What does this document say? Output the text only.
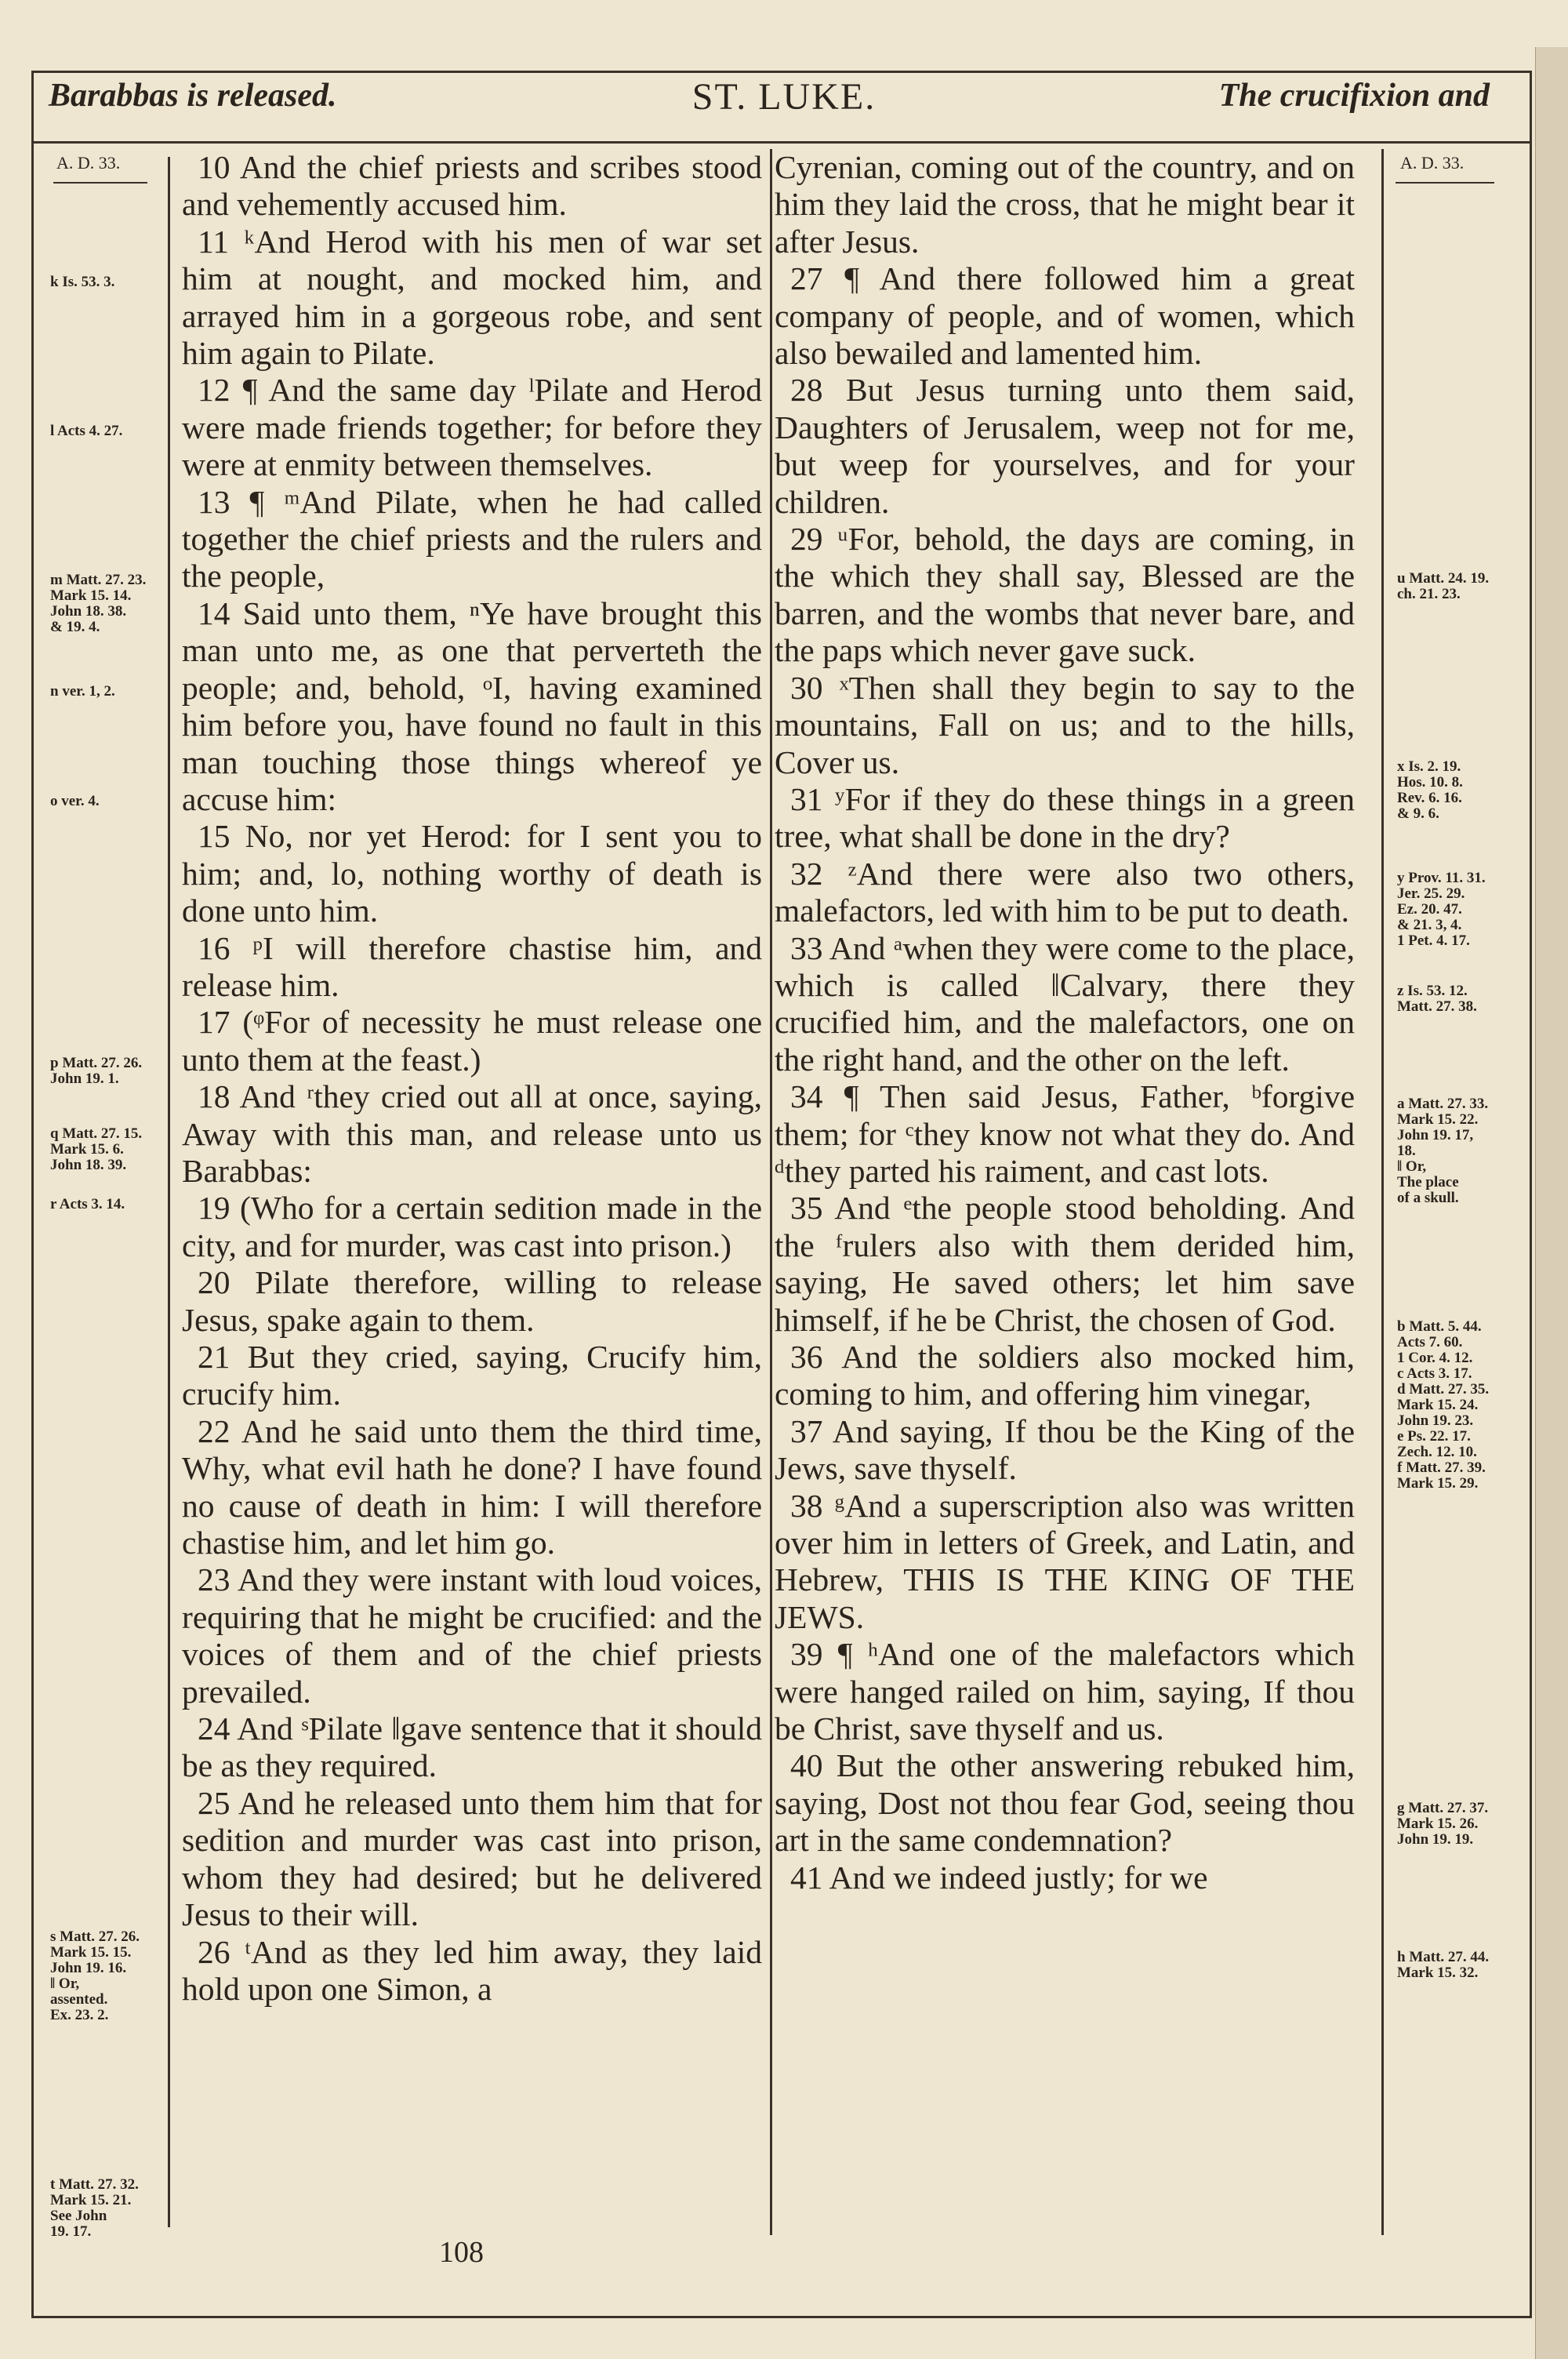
Barabbas is released.	ST. LUKE.	The crucifixion and
A. D. 33.	A. D. 33.

10 And the chief priests and scribes stood and vehemently accused him.

11 ᵏAnd Herod with his men of war set him at nought, and mocked him, and arrayed him in a gorgeous robe, and sent him again to Pilate.

12 ¶ And the same day ˡPilate and Herod were made friends together; for before they were at enmity between themselves.

13 ¶ ᵐAnd Pilate, when he had called together the chief priests and the rulers and the people,

14 Said unto them, ⁿYe have brought this man unto me, as one that perverteth the people; and, behold, ᵒI, having examined him before you, have found no fault in this man touching those things whereof ye accuse him:

15 No, nor yet Herod: for I sent you to him; and, lo, nothing worthy of death is done unto him.

16 ᵖI will therefore chastise him, and release him.

17 (ᵠFor of necessity he must release one unto them at the feast.)

18 And ʳthey cried out all at once, saying, Away with this man, and release unto us Barabbas:

19 (Who for a certain sedition made in the city, and for murder, was cast into prison.)

20 Pilate therefore, willing to release Jesus, spake again to them.

21 But they cried, saying, Crucify him, crucify him.

22 And he said unto them the third time, Why, what evil hath he done? I have found no cause of death in him: I will therefore chastise him, and let him go.

23 And they were instant with loud voices, requiring that he might be crucified: and the voices of them and of the chief priests prevailed.

24 And ˢPilate ‖gave sentence that it should be as they required.

25 And he released unto them him that for sedition and murder was cast into prison, whom they had desired; but he delivered Jesus to their will.

26 ᵗAnd as they led him away, they laid hold upon one Simon, a

Cyrenian, coming out of the country, and on him they laid the cross, that he might bear it after Jesus.

27 ¶ And there followed him a great company of people, and of women, which also bewailed and lamented him.

28 But Jesus turning unto them said, Daughters of Jerusalem, weep not for me, but weep for yourselves, and for your children.

29 ᵘFor, behold, the days are coming, in the which they shall say, Blessed are the barren, and the wombs that never bare, and the paps which never gave suck.

30 ˣThen shall they begin to say to the mountains, Fall on us; and to the hills, Cover us.

31 ʸFor if they do these things in a green tree, what shall be done in the dry?

32 ᶻAnd there were also two others, malefactors, led with him to be put to death.

33 And ᵃwhen they were come to the place, which is called ‖Calvary, there they crucified him, and the malefactors, one on the right hand, and the other on the left.

34 ¶ Then said Jesus, Father, ᵇforgive them; for ᶜthey know not what they do. And ᵈthey parted his raiment, and cast lots.

35 And ᵉthe people stood beholding. And the ᶠrulers also with them derided him, saying, He saved others; let him save himself, if he be Christ, the chosen of God.

36 And the soldiers also mocked him, coming to him, and offering him vinegar,

37 And saying, If thou be the King of the Jews, save thyself.

38 ᵍAnd a superscription also was written over him in letters of Greek, and Latin, and Hebrew, THIS IS THE KING OF THE JEWS.

39 ¶ ʰAnd one of the malefactors which were hanged railed on him, saying, If thou be Christ, save thyself and us.

40 But the other answering rebuked him, saying, Dost not thou fear God, seeing thou art in the same condemnation?

41 And we indeed justly; for we

k Is. 53. 3.
l Acts 4. 27.
m Matt. 27. 23.
Mark 15. 14.
John 18. 38.
& 19. 4.
n ver. 1, 2.
o ver. 4.
p Matt. 27. 26.
John 19. 1.
q Matt. 27. 15.
Mark 15. 6.
John 18. 39.
r Acts 3. 14.
s Matt. 27. 26.
Mark 15. 15.
John 19. 16.
‖ Or,
assented.
Ex. 23. 2.
t Matt. 27. 32.
Mark 15. 21.
See John
19. 17.
u Matt. 24. 19.
ch. 21. 23.
x Is. 2. 19.
Hos. 10. 8.
Rev. 6. 16.
& 9. 6.
y Prov. 11. 31.
Jer. 25. 29.
Ez. 20. 47.
& 21. 3, 4.
1 Pet. 4. 17.
z Is. 53. 12.
Matt. 27. 38.
a Matt. 27. 33.
Mark 15. 22.
John 19. 17,
18.
‖ Or,
The place
of a skull.
b Matt. 5. 44.
Acts 7. 60.
1 Cor. 4. 12.
c Acts 3. 17.
d Matt. 27. 35.
Mark 15. 24.
John 19. 23.
e Ps. 22. 17.
Zech. 12. 10.
f Matt. 27. 39.
Mark 15. 29.
g Matt. 27. 37.
Mark 15. 26.
John 19. 19.
h Matt. 27. 44.
Mark 15. 32.
108
